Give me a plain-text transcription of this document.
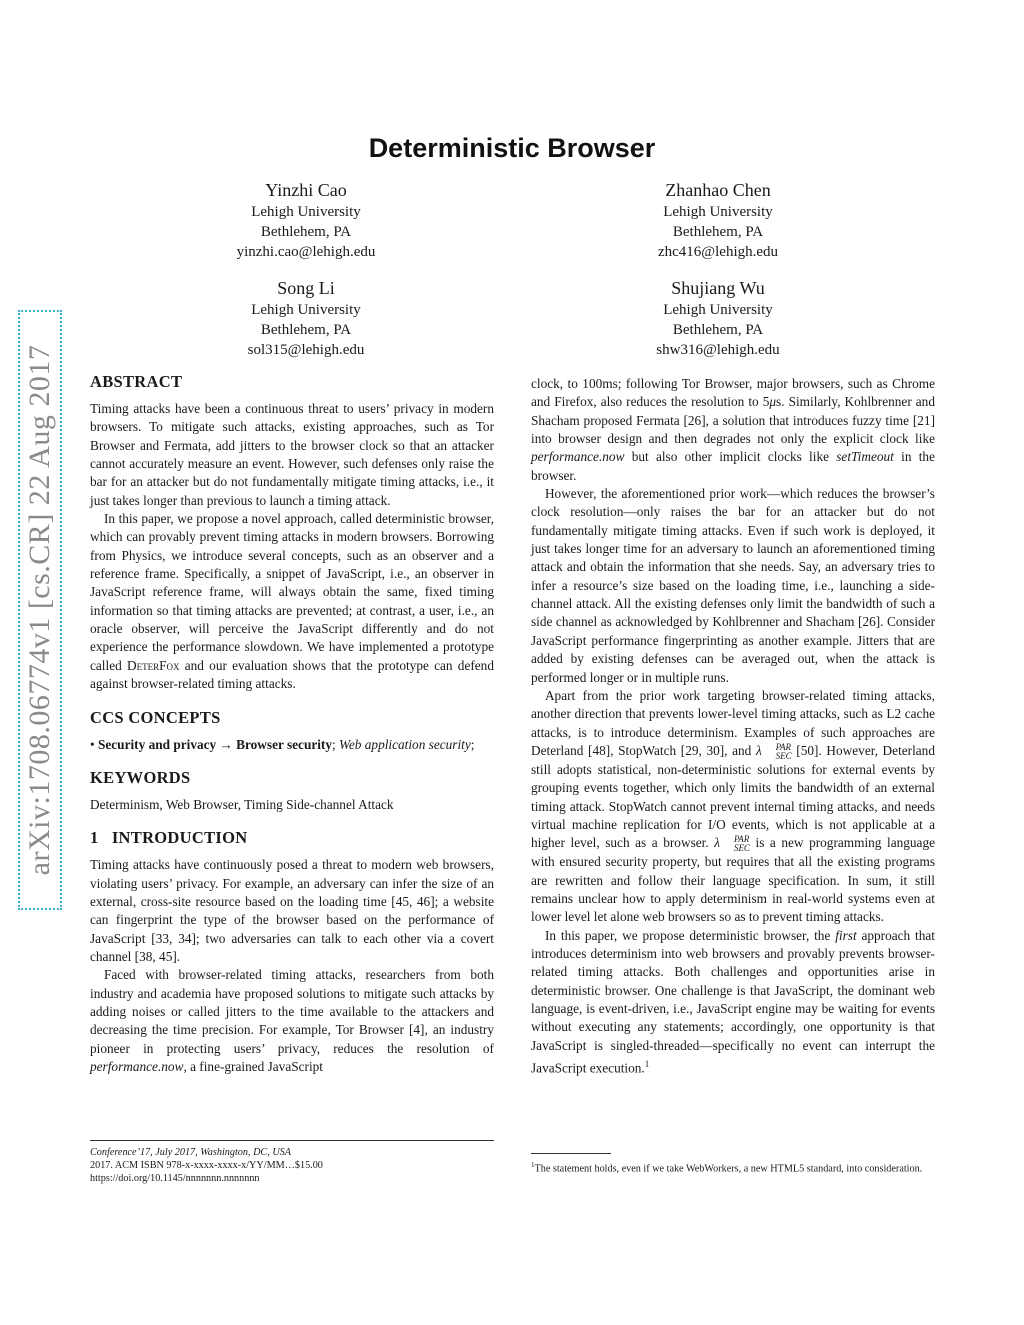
arXiv:1708.06774v1 [cs.CR] 22 Aug 2017
Deterministic Browser
Yinzhi Cao
Lehigh University
Bethlehem, PA
yinzhi.cao@lehigh.edu
Zhanhao Chen
Lehigh University
Bethlehem, PA
zhc416@lehigh.edu
Song Li
Lehigh University
Bethlehem, PA
sol315@lehigh.edu
Shujiang Wu
Lehigh University
Bethlehem, PA
shw316@lehigh.edu
ABSTRACT

Timing attacks have been a continuous threat to users’ privacy in modern browsers. To mitigate such attacks, existing approaches, such as Tor Browser and Fermata, add jitters to the browser clock so that an attacker cannot accurately measure an event. However, such defenses only raise the bar for an attacker but do not fundamentally mitigate timing attacks, i.e., it just takes longer than previous to launch a timing attack.

In this paper, we propose a novel approach, called deterministic browser, which can provably prevent timing attacks in modern browsers. Borrowing from Physics, we introduce several concepts, such as an observer and a reference frame. Specifically, a snippet of JavaScript, i.e., an observer in JavaScript reference frame, will always obtain the same, fixed timing information so that timing attacks are prevented; at contrast, a user, i.e., an oracle observer, will perceive the JavaScript differently and do not experience the performance slowdown. We have implemented a prototype called DeterFox and our evaluation shows that the prototype can defend against browser-related timing attacks.

CCS CONCEPTS

• Security and privacy → Browser security; Web application security;

KEYWORDS

Determinism, Web Browser, Timing Side-channel Attack

1   INTRODUCTION

Timing attacks have continuously posed a threat to modern web browsers, violating users’ privacy. For example, an adversary can infer the size of an external, cross-site resource based on the loading time [45, 46]; a website can fingerprint the type of the browser based on the performance of JavaScript [33, 34]; two adversaries can talk to each other via a covert channel [38, 45].

Faced with browser-related timing attacks, researchers from both industry and academia have proposed solutions to mitigate such attacks by adding noises or called jitters to the time available to the attackers and decreasing the time precision. For example, Tor Browser [4], an industry pioneer in protecting users’ privacy, reduces the resolution of performance.now, a fine-grained JavaScript

Conference’17, July 2017, Washington, DC, USA
2017. ACM ISBN 978-x-xxxx-xxxx-x/YY/MM…$15.00
https://doi.org/10.1145/nnnnnnn.nnnnnnn

clock, to 100ms; following Tor Browser, major browsers, such as Chrome and Firefox, also reduces the resolution to 5μs. Similarly, Kohlbrenner and Shacham proposed Fermata [26], a solution that introduces fuzzy time [21] into browser design and then degrades not only the explicit clock like performance.now but also other implicit clocks like setTimeout in the browser.

However, the aforementioned prior work—which reduces the browser’s clock resolution—only raises the bar for an attacker but do not fundamentally mitigate timing attacks. Even if such work is deployed, it just takes longer time for an adversary to launch an aforementioned timing attack and obtain the information that she needs. Say, an adversary tries to infer a resource’s size based on the loading time, i.e., launching a side-channel attack. All the existing defenses only limit the bandwidth of such a side channel as acknowledged by Kohlbrenner and Shacham [26]. Consider JavaScript performance fingerprinting as another example. Jitters that are added by existing defenses can be averaged out, when the attack is performed longer or in multiple runs.

Apart from the prior work targeting browser-related timing attacks, another direction that prevents lower-level timing attacks, such as L2 cache attacks, is to introduce determinism. Examples of such approaches are Deterland [48], StopWatch [29, 30], and λ	PAR
SEC [50]. However, Deterland still adopts statistical, non-deterministic solutions for external events by grouping events together, which only limits the bandwidth of an external timing attack. StopWatch cannot prevent internal timing attacks, and needs virtual machine replication for I/O events, which is not applicable at a higher level, such as a browser. λ	PAR
SEC is a new programming language with ensured security property, but requires that all the existing programs are rewritten and follow their language specification. In sum, it still remains unclear how to apply determinism in real-world systems even at lower level let alone web browsers so as to prevent timing attacks.

In this paper, we propose deterministic browser, the first approach that introduces determinism into web browsers and provably prevents browser-related timing attacks. Both challenges and opportunities arise in deterministic browser. One challenge is that JavaScript, the dominant web language, is event-driven, i.e., JavaScript engine may be waiting for events without executing any statements; accordingly, one opportunity is that JavaScript is singled-threaded—specifically no event can interrupt the JavaScript execution.$^1$

$^1$The statement holds, even if we take WebWorkers, a new HTML5 standard, into consideration.
